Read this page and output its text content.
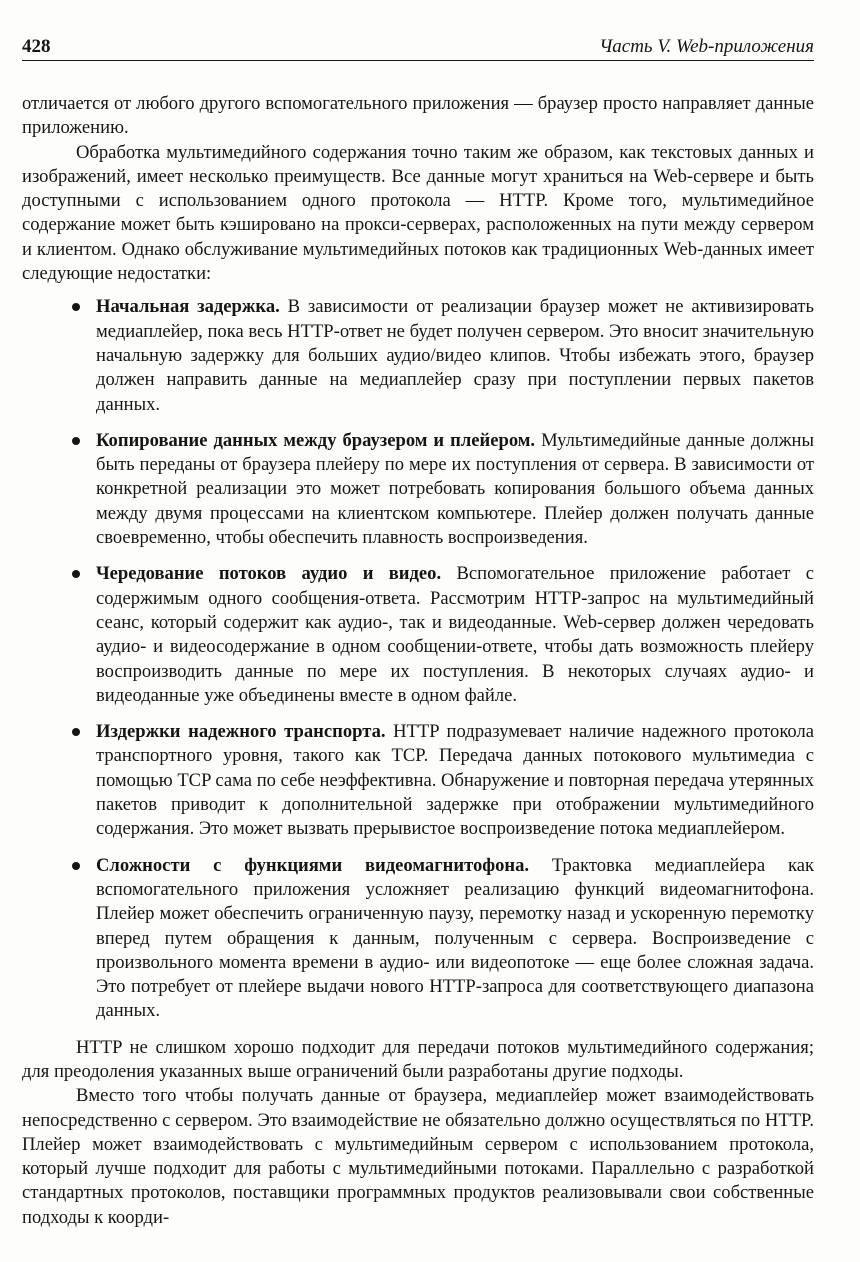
428	Часть V. Web-приложения

отличается от любого другого вспомогательного приложения — браузер просто направляет данные приложению.

Обработка мультимедийного содержания точно таким же образом, как текстовых данных и изображений, имеет несколько преимуществ. Все данные могут храниться на Web-сервере и быть доступными с использованием одного протокола — HTTP. Кроме того, мультимедийное содержание может быть кэшировано на прокси-серверах, расположенных на пути между сервером и клиентом. Однако обслуживание мультимедийных потоков как традиционных Web-данных имеет следующие недостатки:

Начальная задержка. В зависимости от реализации браузер может не активизировать медиаплейер, пока весь HTTP-ответ не будет получен сервером. Это вносит значительную начальную задержку для больших аудио/видео клипов. Чтобы избежать этого, браузер должен направить данные на медиаплейер сразу при поступлении первых пакетов данных.
Копирование данных между браузером и плейером. Мультимедийные данные должны быть переданы от браузера плейеру по мере их поступления от сервера. В зависимости от конкретной реализации это может потребовать копирования большого объема данных между двумя процессами на клиентском компьютере. Плейер должен получать данные своевременно, чтобы обеспечить плавность воспроизведения.
Чередование потоков аудио и видео. Вспомогательное приложение работает с содержимым одного сообщения-ответа. Рассмотрим HTTP-запрос на мультимедийный сеанс, который содержит как аудио-, так и видеоданные. Web-сервер должен чередовать аудио- и видеосодержание в одном сообщении-ответе, чтобы дать возможность плейеру воспроизводить данные по мере их поступления. В некоторых случаях аудио- и видеоданные уже объединены вместе в одном файле.
Издержки надежного транспорта. HTTP подразумевает наличие надежного протокола транспортного уровня, такого как TCP. Передача данных потокового мультимедиа с помощью TCP сама по себе неэффективна. Обнаружение и повторная передача утерянных пакетов приводит к дополнительной задержке при отображении мультимедийного содержания. Это может вызвать прерывистое воспроизведение потока медиаплейером.
Сложности с функциями видеомагнитофона. Трактовка медиаплейера как вспомогательного приложения усложняет реализацию функций видеомагнитофона. Плейер может обеспечить ограниченную паузу, перемотку назад и ускоренную перемотку вперед путем обращения к данным, полученным с сервера. Воспроизведение с произвольного момента времени в аудио- или видеопотоке — еще более сложная задача. Это потребует от плейере выдачи нового HTTP-запроса для соответствующего диапазона данных.

HTTP не слишком хорошо подходит для передачи потоков мультимедийного содержания; для преодоления указанных выше ограничений были разработаны другие подходы.

Вместо того чтобы получать данные от браузера, медиаплейер может взаимодействовать непосредственно с сервером. Это взаимодействие не обязательно должно осуществляться по HTTP. Плейер может взаимодействовать с мультимедийным сервером с использованием протокола, который лучше подходит для работы с мультимедийными потоками. Параллельно с разработкой стандартных протоколов, поставщики программных продуктов реализовывали свои собственные подходы к коорди-
